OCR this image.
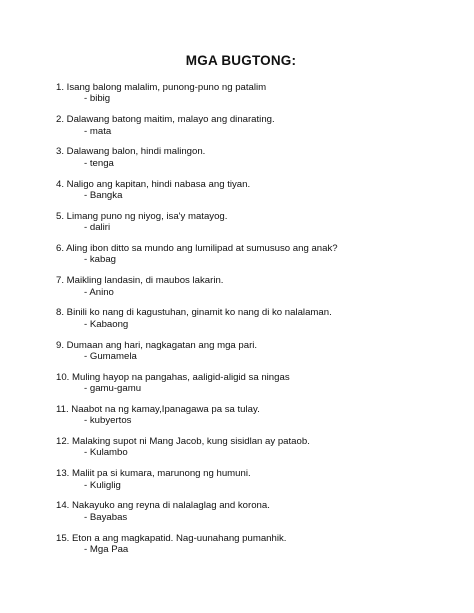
MGA BUGTONG:
1. Isang balong malalim, punong-puno ng patalim
- bibig
2. Dalawang batong maitim, malayo ang dinarating.
- mata
3. Dalawang balon, hindi malingon.
- tenga
4. Naligo ang kapitan, hindi nabasa ang tiyan.
- Bangka
5. Limang puno ng niyog, isa'y matayog.
- daliri
6. Aling ibon ditto sa mundo ang lumilipad at sumususo ang anak?
- kabag
7. Maikling landasin, di maubos lakarin.
- Anino
8. Binili ko nang di kagustuhan, ginamit ko nang di ko nalalaman.
- Kabaong
9. Dumaan ang hari, nagkagatan ang mga pari.
- Gumamela
10. Muling hayop na pangahas, aaligid-aligid sa ningas
- gamu-gamu
11. Naabot na ng kamay,Ipanagawa pa sa tulay.
- kubyertos
12. Malaking supot ni Mang Jacob, kung sisidlan ay pataob.
- Kulambo
13. Maliit pa si kumara, marunong ng humuni.
- Kuliglig
14. Nakayuko ang reyna di nalalaglag and korona.
- Bayabas
15. Eton a ang magkapatid. Nag-uunahang pumanhik.
- Mga Paa
